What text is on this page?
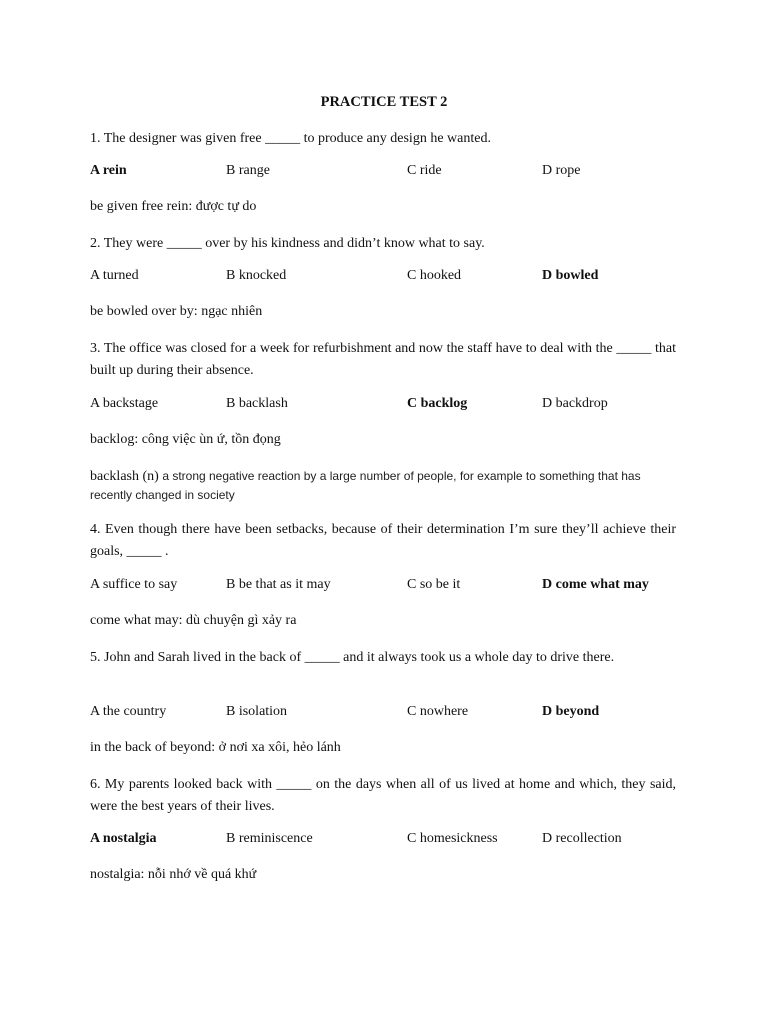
PRACTICE TEST 2
1. The designer was given free _____ to produce any design he wanted.
A rein	B range	C ride	D rope
be given free rein: được tự do
2. They were _____ over by his kindness and didn’t know what to say.
A turned	B knocked	C hooked	D bowled
be bowled over by: ngạc nhiên
3. The office was closed for a week for refurbishment and now the staff have to deal with the _____ that built up during their absence.
A backstage	B backlash	C backlog	D backdrop
backlog: công việc ùn ứ, tồn đọng
backlash (n) a strong negative reaction by a large number of people, for example to something that has recently changed in society
4. Even though there have been setbacks, because of their determination I’m sure they’ll achieve their goals, _____ .
A suffice to say	B be that as it may	C so be it	D come what may
come what may: dù chuyện gì xảy ra
5. John and Sarah lived in the back of _____ and it always took us a whole day to drive there.
A the country	B isolation	C nowhere	D beyond
in the back of beyond: ở nơi xa xôi, hẻo lánh
6. My parents looked back with _____ on the days when all of us lived at home and which, they said, were the best years of their lives.
A nostalgia	B reminiscence	C homesickness	D recollection
nostalgia: nỗi nhớ về quá khứ
